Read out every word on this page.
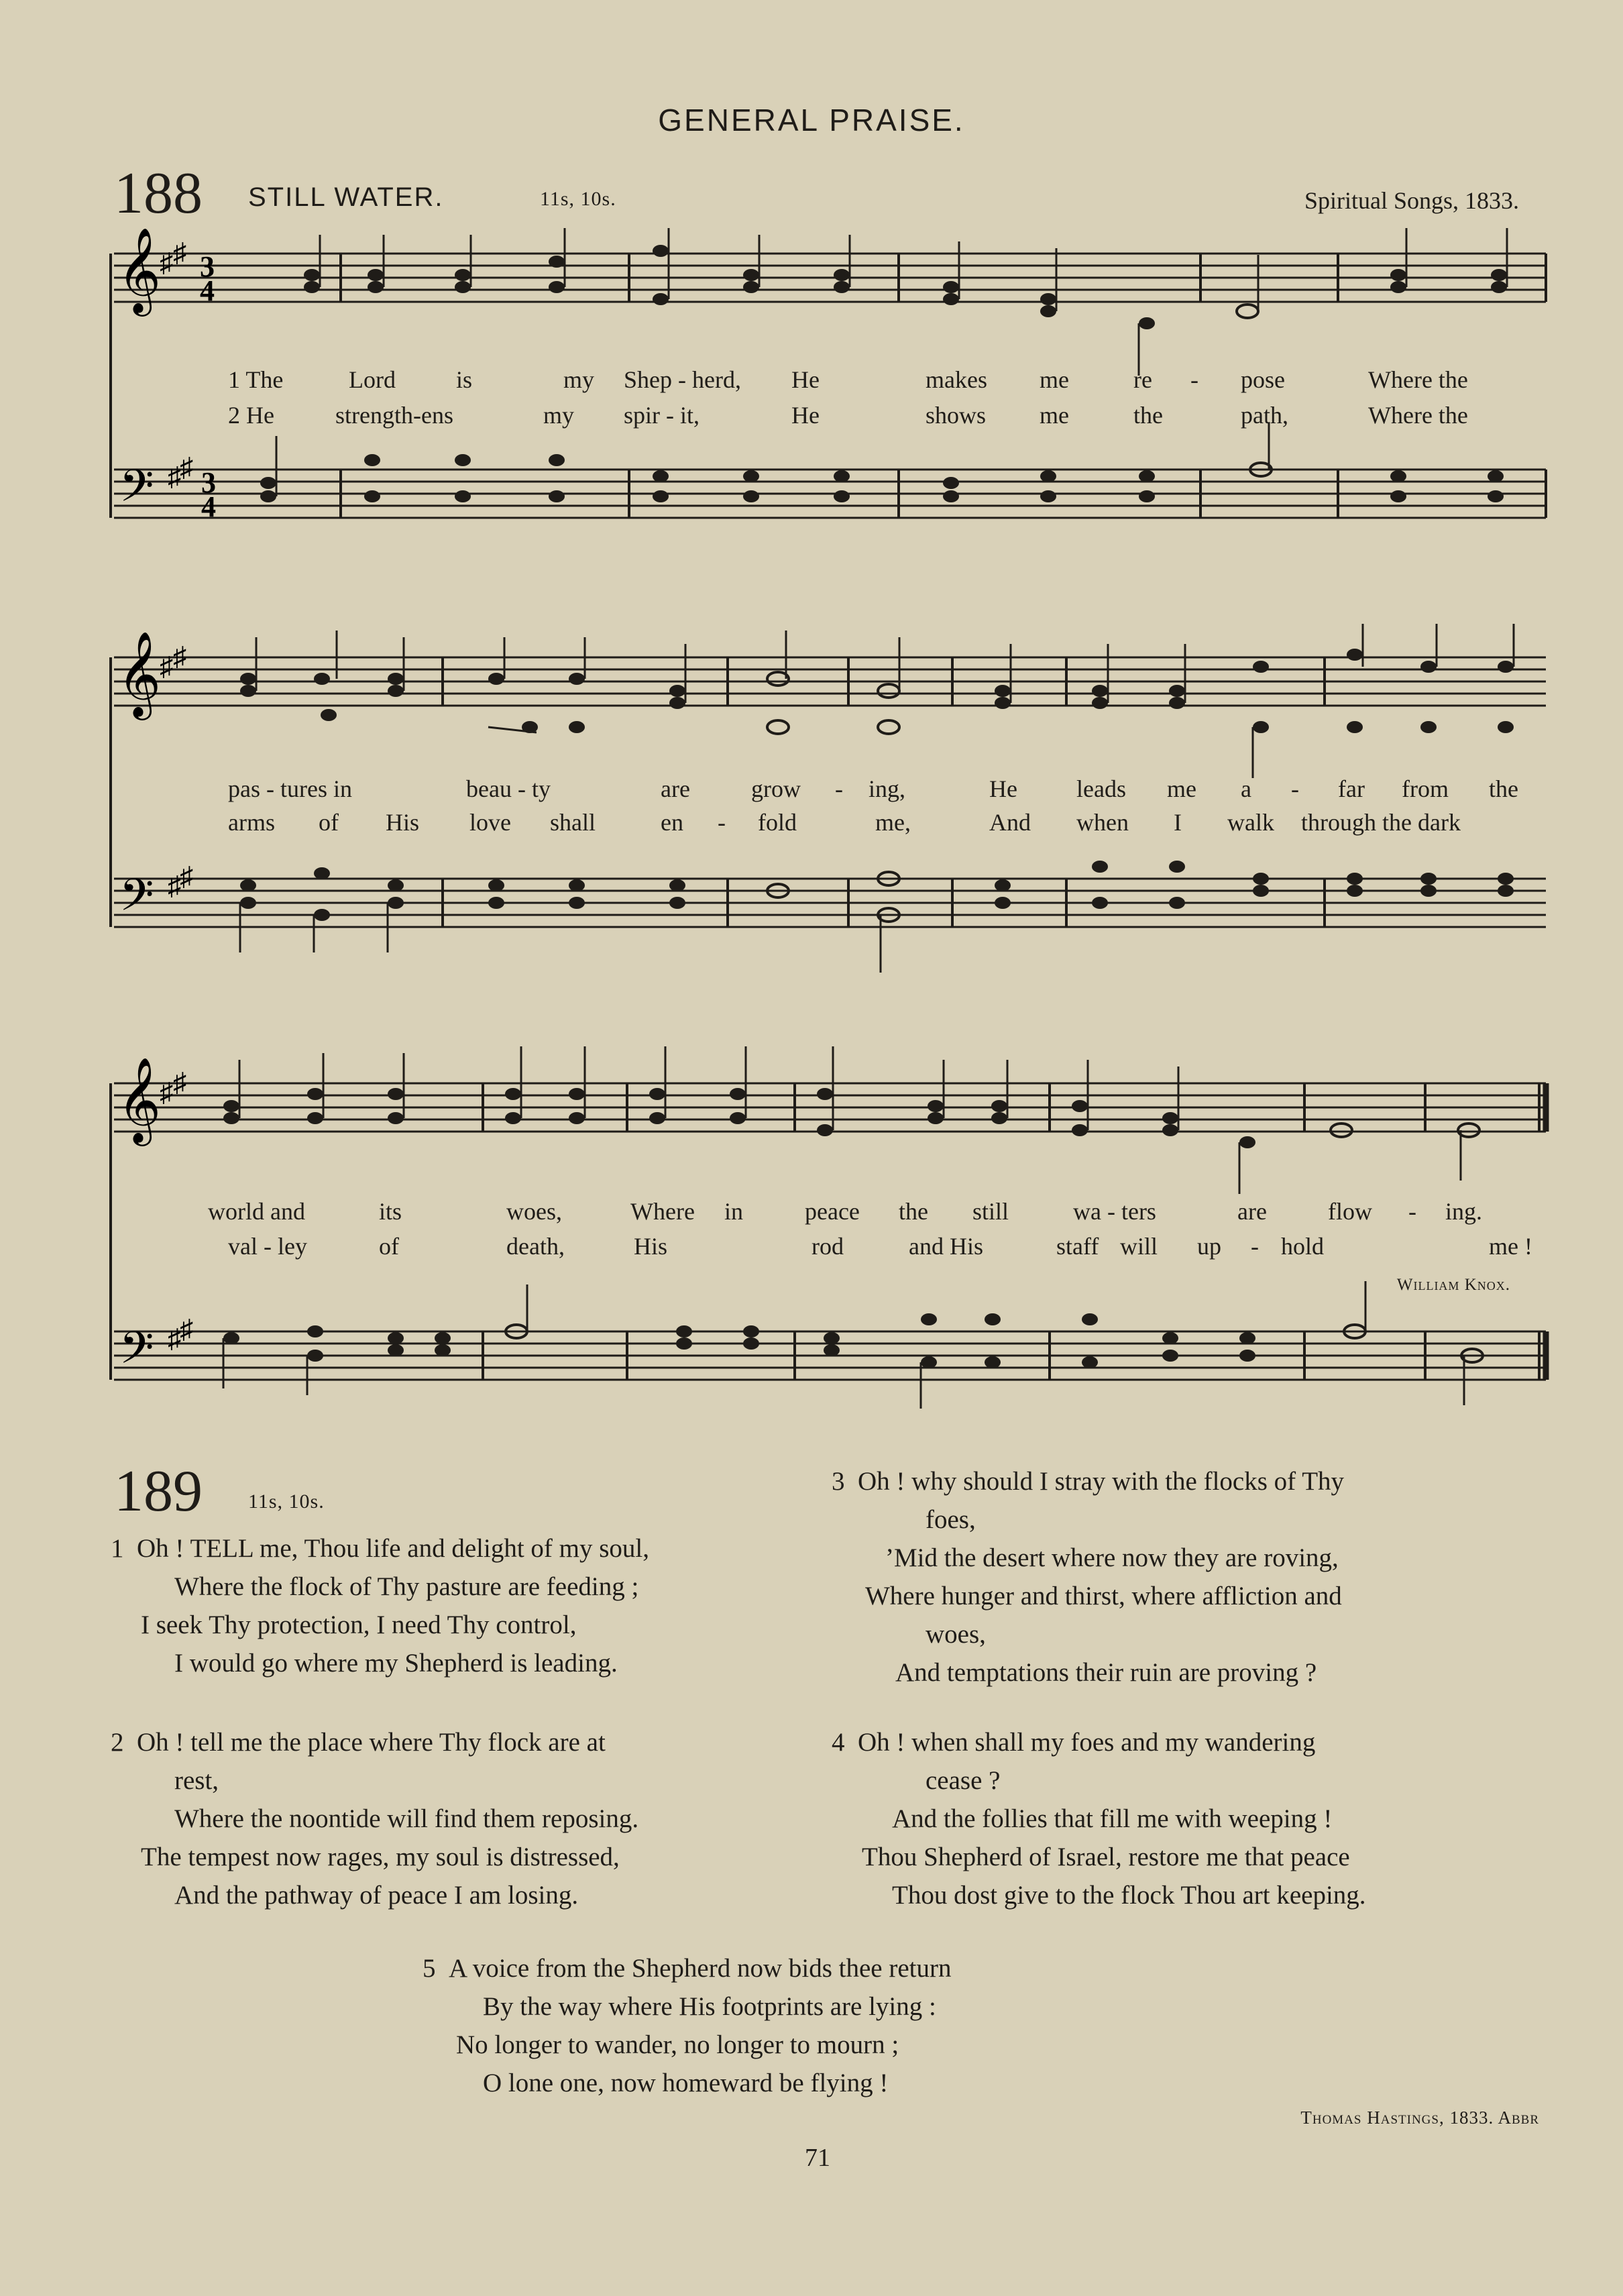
GENERAL PRAISE.
188 STILL WATER.	11s, 10s.	Spiritual Songs, 1833.
𝄞
𝄢
♯ ♯
♯
♯
3
4
3
4
𝄞
𝄢
♯ ♯
♯
♯
𝄞
𝄢
♯ ♯
♯
♯
1 The	Lord	is	my Shep - herd, He	makes me	re - pose	Where the
2 He	strength-ens	my spir - it,	He	shows me	the	path,	Where the
pas - tures in	beau - ty	are	grow - ing,	He leads me a - far from the
arms of His love shall	en - fold	me,	And when I walk through the dark
world and	its	woes,	Where in	peace the still	wa - ters	are	flow - ing.
val - ley	of	death,	His	rod	and His	staff will up - hold	me !
William Knox.
189 11s, 10s.
1 Oh ! TELL me, Thou life and delight of my soul,
Where the flock of Thy pasture are feeding ;
I seek Thy protection, I need Thy control,
I would go where my Shepherd is leading.
2 Oh ! tell me the place where Thy flock are at
rest,
Where the noontide will find them reposing.
The tempest now rages, my soul is distressed,
And the pathway of peace I am losing.
3 Oh ! why should I stray with the flocks of Thy
foes,
’Mid the desert where now they are roving,
Where hunger and thirst, where affliction and
woes,
And temptations their ruin are proving ?
4 Oh ! when shall my foes and my wandering
cease ?
And the follies that fill me with weeping !
Thou Shepherd of Israel, restore me that peace
Thou dost give to the flock Thou art keeping.
5 A voice from the Shepherd now bids thee return
By the way where His footprints are lying :
No longer to wander, no longer to mourn ;
O lone one, now homeward be flying !
Thomas Hastings, 1833. Abbr
71
